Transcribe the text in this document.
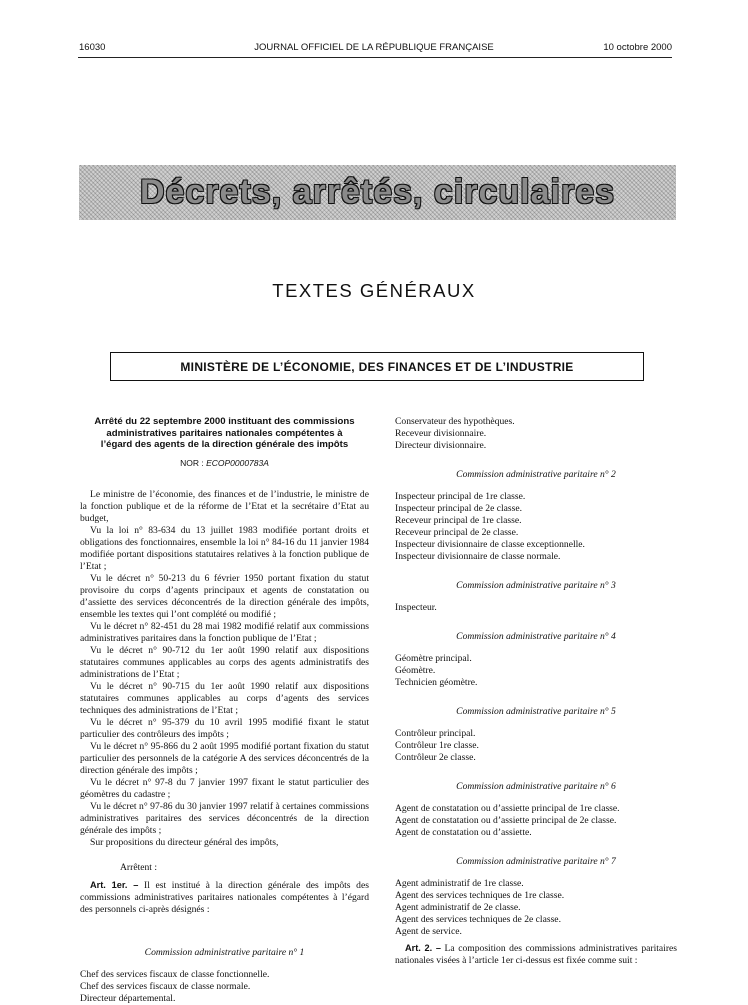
16030	JOURNAL OFFICIEL DE LA RÉPUBLIQUE FRANÇAISE	10 octobre 2000
Décrets, arrêtés, circulaires
TEXTES GÉNÉRAUX
MINISTÈRE DE L’ÉCONOMIE, DES FINANCES ET DE L’INDUSTRIE
Arrêté du 22 septembre 2000 instituant des commissions
administratives paritaires nationales compétentes à
l’égard des agents de la direction générale des impôts
NOR : ECOP0000783A

Le ministre de l’économie, des finances et de l’industrie, le ministre de la fonction publique et de la réforme de l’Etat et la secrétaire d’Etat au budget,

Vu la loi n° 83-634 du 13 juillet 1983 modifiée portant droits et obligations des fonctionnaires, ensemble la loi n° 84-16 du 11 janvier 1984 modifiée portant dispositions statutaires relatives à la fonction publique de l’Etat ;

Vu le décret n° 50-213 du 6 février 1950 portant fixation du statut provisoire du corps d’agents principaux et agents de constatation ou d’assiette des services déconcentrés de la direction générale des impôts, ensemble les textes qui l’ont complété ou modifié ;

Vu le décret n° 82-451 du 28 mai 1982 modifié relatif aux commissions administratives paritaires dans la fonction publique de l’Etat ;

Vu le décret n° 90-712 du 1er août 1990 relatif aux dispositions statutaires communes applicables au corps des agents administratifs des administrations de l’Etat ;

Vu le décret n° 90-715 du 1er août 1990 relatif aux dispositions statutaires communes applicables au corps d’agents des services techniques des administrations de l’Etat ;

Vu le décret n° 95-379 du 10 avril 1995 modifié fixant le statut particulier des contrôleurs des impôts ;

Vu le décret n° 95-866 du 2 août 1995 modifié portant fixation du statut particulier des personnels de la catégorie A des services déconcentrés de la direction générale des impôts ;

Vu le décret n° 97-8 du 7 janvier 1997 fixant le statut particulier des géomètres du cadastre ;

Vu le décret n° 97-86 du 30 janvier 1997 relatif à certaines commissions administratives paritaires des services déconcentrés de la direction générale des impôts ;

Sur propositions du directeur général des impôts,

Arrêtent :

Art. 1er. – Il est institué à la direction générale des impôts des commissions administratives paritaires nationales compétentes à l’égard des personnels ci-après désignés :

Commission administrative paritaire n° 1
Chef des services fiscaux de classe fonctionnelle.
Chef des services fiscaux de classe normale.
Directeur départemental.
Conservateur des hypothèques.
Receveur divisionnaire.
Directeur divisionnaire.
Commission administrative paritaire n° 2
Inspecteur principal de 1re classe.
Inspecteur principal de 2e classe.
Receveur principal de 1re classe.
Receveur principal de 2e classe.
Inspecteur divisionnaire de classe exceptionnelle.
Inspecteur divisionnaire de classe normale.
Commission administrative paritaire n° 3
Inspecteur.
Commission administrative paritaire n° 4
Géomètre principal.
Géomètre.
Technicien géomètre.
Commission administrative paritaire n° 5
Contrôleur principal.
Contrôleur 1re classe.
Contrôleur 2e classe.
Commission administrative paritaire n° 6
Agent de constatation ou d’assiette principal de 1re classe.
Agent de constatation ou d’assiette principal de 2e classe.
Agent de constatation ou d’assiette.
Commission administrative paritaire n° 7
Agent administratif de 1re classe.
Agent des services techniques de 1re classe.
Agent administratif de 2e classe.
Agent des services techniques de 2e classe.
Agent de service.

Art. 2. – La composition des commissions administratives paritaires nationales visées à l’article 1er ci-dessus est fixée comme suit :
